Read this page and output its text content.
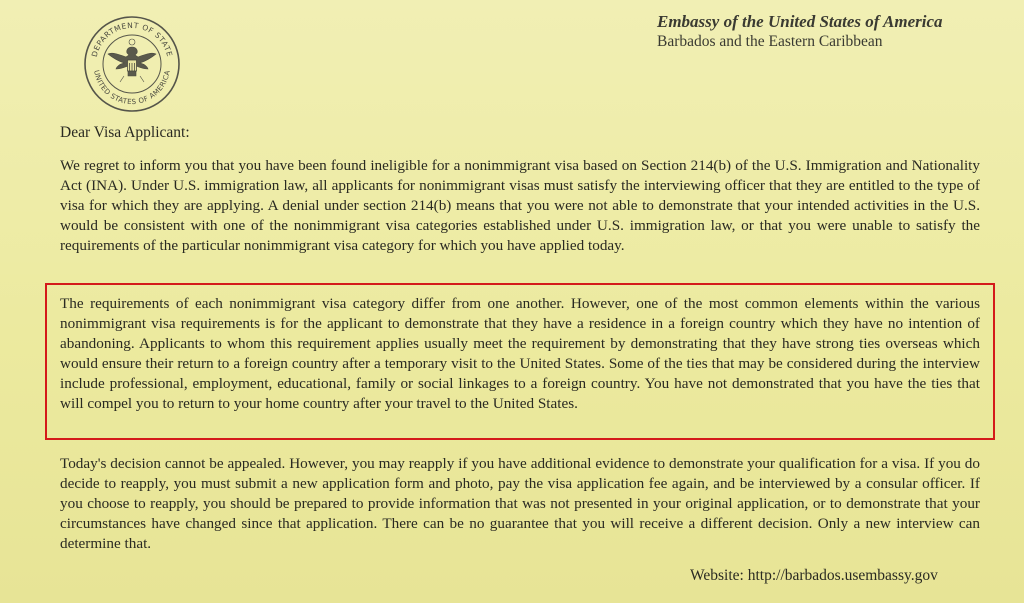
DEPARTMENT OF STATE
UNITED STATES OF AMERICA
Embassy of the United States of America
Barbados and the Eastern Caribbean
Dear Visa Applicant:

We regret to inform you that you have been found ineligible for a nonimmigrant visa based on Section 214(b) of the U.S. Immigration and Nationality Act (INA). Under U.S. immigration law, all applicants for nonimmigrant visas must satisfy the interviewing officer that they are entitled to the type of visa for which they are applying. A denial under section 214(b) means that you were not able to demonstrate that your intended activities in the U.S. would be consistent with one of the nonimmigrant visa categories established under U.S. immigration law, or that you were unable to satisfy the requirements of the particular nonimmigrant visa category for which you have applied today.

The requirements of each nonimmigrant visa category differ from one another. However, one of the most common elements within the various nonimmigrant visa requirements is for the applicant to demonstrate that they have a residence in a foreign country which they have no intention of abandoning. Applicants to whom this requirement applies usually meet the requirement by demonstrating that they have strong ties overseas which would ensure their return to a foreign country after a temporary visit to the United States. Some of the ties that may be considered during the interview include professional, employment, educational, family or social linkages to a foreign country. You have not demonstrated that you have the ties that will compel you to return to your home country after your travel to the United States.

Today's decision cannot be appealed. However, you may reapply if you have additional evidence to demonstrate your qualification for a visa. If you do decide to reapply, you must submit a new application form and photo, pay the visa application fee again, and be interviewed by a consular officer. If you choose to reapply, you should be prepared to provide information that was not presented in your original application, or to demonstrate that your circumstances have changed since that application. There can be no guarantee that you will receive a different decision. Only a new interview can determine that.

Website: http://barbados.usembassy.gov
